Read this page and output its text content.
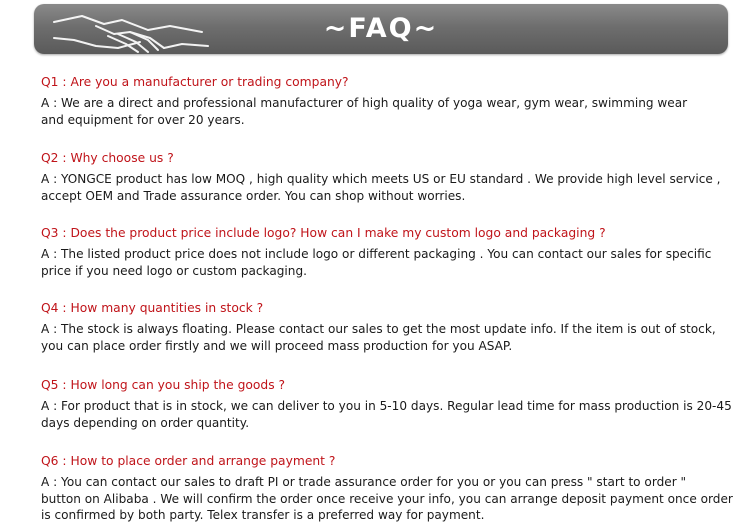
~FAQ~
Q1 : Are you a manufacturer or trading company?
A : We are a direct and professional manufacturer of high quality of yoga wear, gym wear, swimming wear
and equipment for over 20 years.
Q2 : Why choose us ?
A : YONGCE product has low MOQ , high quality which meets US or EU standard . We provide high level service ,
accept OEM and Trade assurance order. You can shop without worries.
Q3 : Does the product price include logo? How can I make my custom logo and packaging ?
A : The listed product price does not include logo or different packaging . You can contact our sales for specific
price if you need logo or custom packaging.
Q4 : How many quantities in stock ?
A : The stock is always floating. Please contact our sales to get the most update info. If the item is out of stock,
you can place order firstly and we will proceed mass production for you ASAP.
Q5 : How long can you ship the goods ?
A : For product that is in stock, we can deliver to you in 5-10 days. Regular lead time for mass production is 20-45
days depending on order quantity.
Q6 : How to place order and arrange payment ?
A : You can contact our sales to draft PI or trade assurance order for you or you can press " start to order "
button on Alibaba . We will confirm the order once receive your info, you can arrange deposit payment once order
is confirmed by both party. Telex transfer is a preferred way for payment.
